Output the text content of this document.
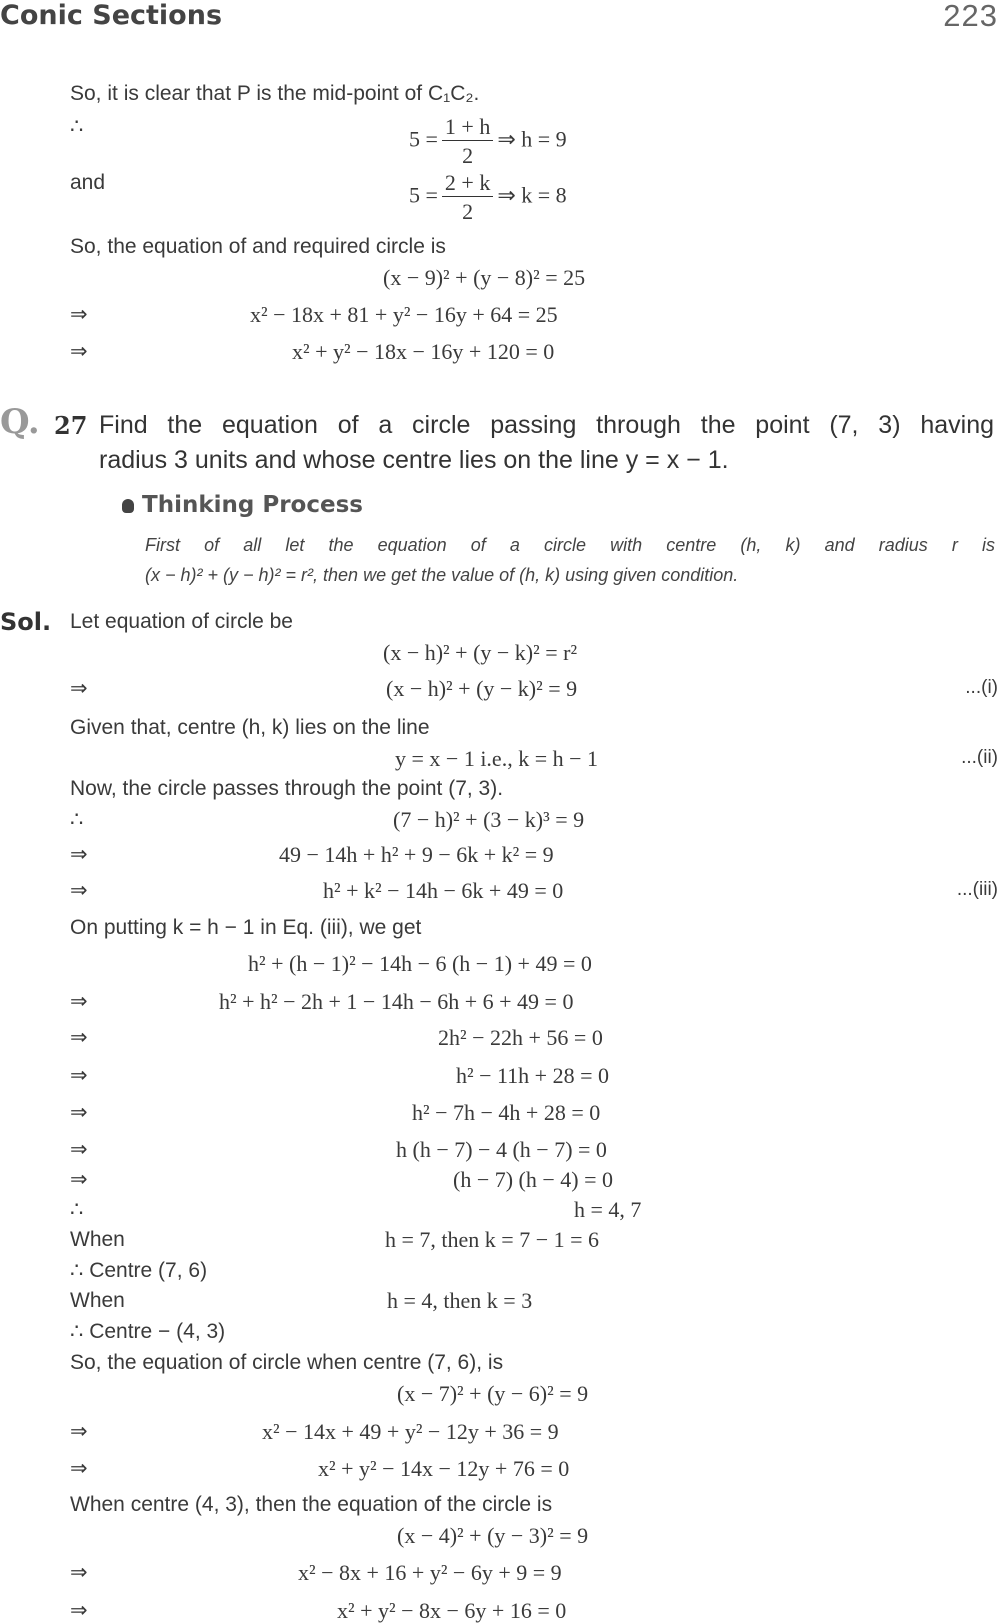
Conic Sections	223
So, it is clear that P is the mid-point of C₁C₂.
∴
$5 = \frac{1 + h}{2}$ ⇒ h = 9
and
$5 = \frac{2 + k}{2}$ ⇒ k = 8
So, the equation of and required circle is
(x − 9)² + (y − 8)² = 25
⇒	x² − 18x + 81 + y² − 16y + 64 = 25
⇒	x² + y² − 18x − 16y + 120 = 0
Q. 27 Find the equation of a circle passing through the point (7, 3) having
radius 3 units and whose centre lies on the line y = x − 1.
Thinking Process
First of all let the equation of a circle with centre (h, k) and radius r is
(x − h)² + (y − h)² = r², then we get the value of (h, k) using given condition.
Sol. Let equation of circle be
(x − h)² + (y − k)² = r²
⇒	(x − h)² + (y − k)² = 9	...(i)
Given that, centre (h, k) lies on the line
y = x − 1 i.e., k = h − 1	...(ii)
Now, the circle passes through the point (7, 3).
∴	(7 − h)² + (3 − k)³ = 9
⇒	49 − 14h + h² + 9 − 6k + k² = 9
⇒	h² + k² − 14h − 6k + 49 = 0	...(iii)
On putting k = h − 1 in Eq. (iii), we get
h² + (h − 1)² − 14h − 6 (h − 1) + 49 = 0
⇒	h² + h² − 2h + 1 − 14h − 6h + 6 + 49 = 0
⇒	2h² − 22h + 56 = 0
⇒	h² − 11h + 28 = 0
⇒	h² − 7h − 4h + 28 = 0
⇒	h (h − 7) − 4 (h − 7) = 0
⇒	(h − 7) (h − 4) = 0
∴	h = 4, 7
When	h = 7, then k = 7 − 1 = 6
∴ Centre (7, 6)
When	h = 4, then k = 3
∴ Centre − (4, 3)
So, the equation of circle when centre (7, 6), is
(x − 7)² + (y − 6)² = 9
⇒	x² − 14x + 49 + y² − 12y + 36 = 9
⇒	x² + y² − 14x − 12y + 76 = 0
When centre (4, 3), then the equation of the circle is
(x − 4)² + (y − 3)² = 9
⇒	x² − 8x + 16 + y² − 6y + 9 = 9
⇒	x² + y² − 8x − 6y + 16 = 0
